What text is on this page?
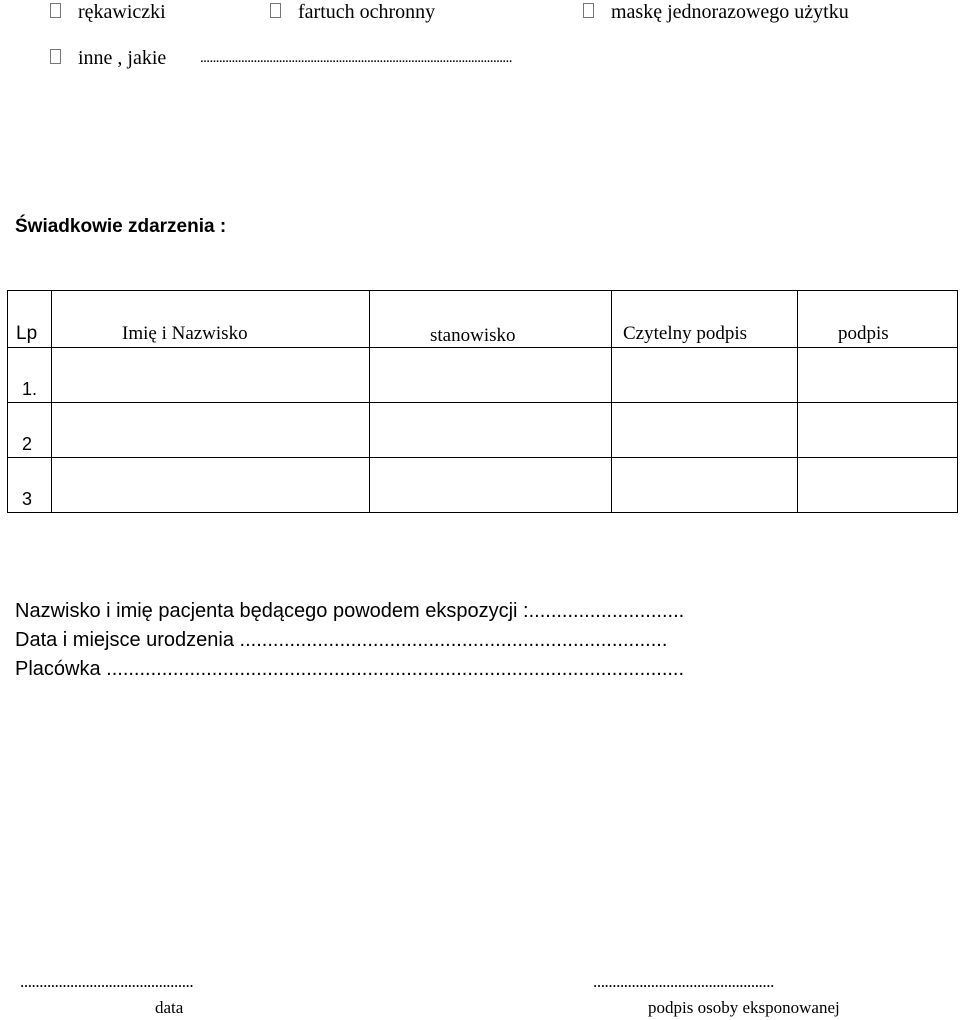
rękawiczki	fartuch ochronny	maskę jednorazowego użytku
inne , jakie ...................................................................................................
Świadkowie zdarzenia :
Lp	Imię i Nazwisko	stanowisko	Czytelny podpis	podpis

1.				

2				

3				

Nazwisko i imię pacjenta będącego powodem ekspozycji :............................
Data i miejsce urodzenia .............................................................................
Placówka ........................................................................................................
.............................................
data
...............................................
podpis osoby eksponowanej
